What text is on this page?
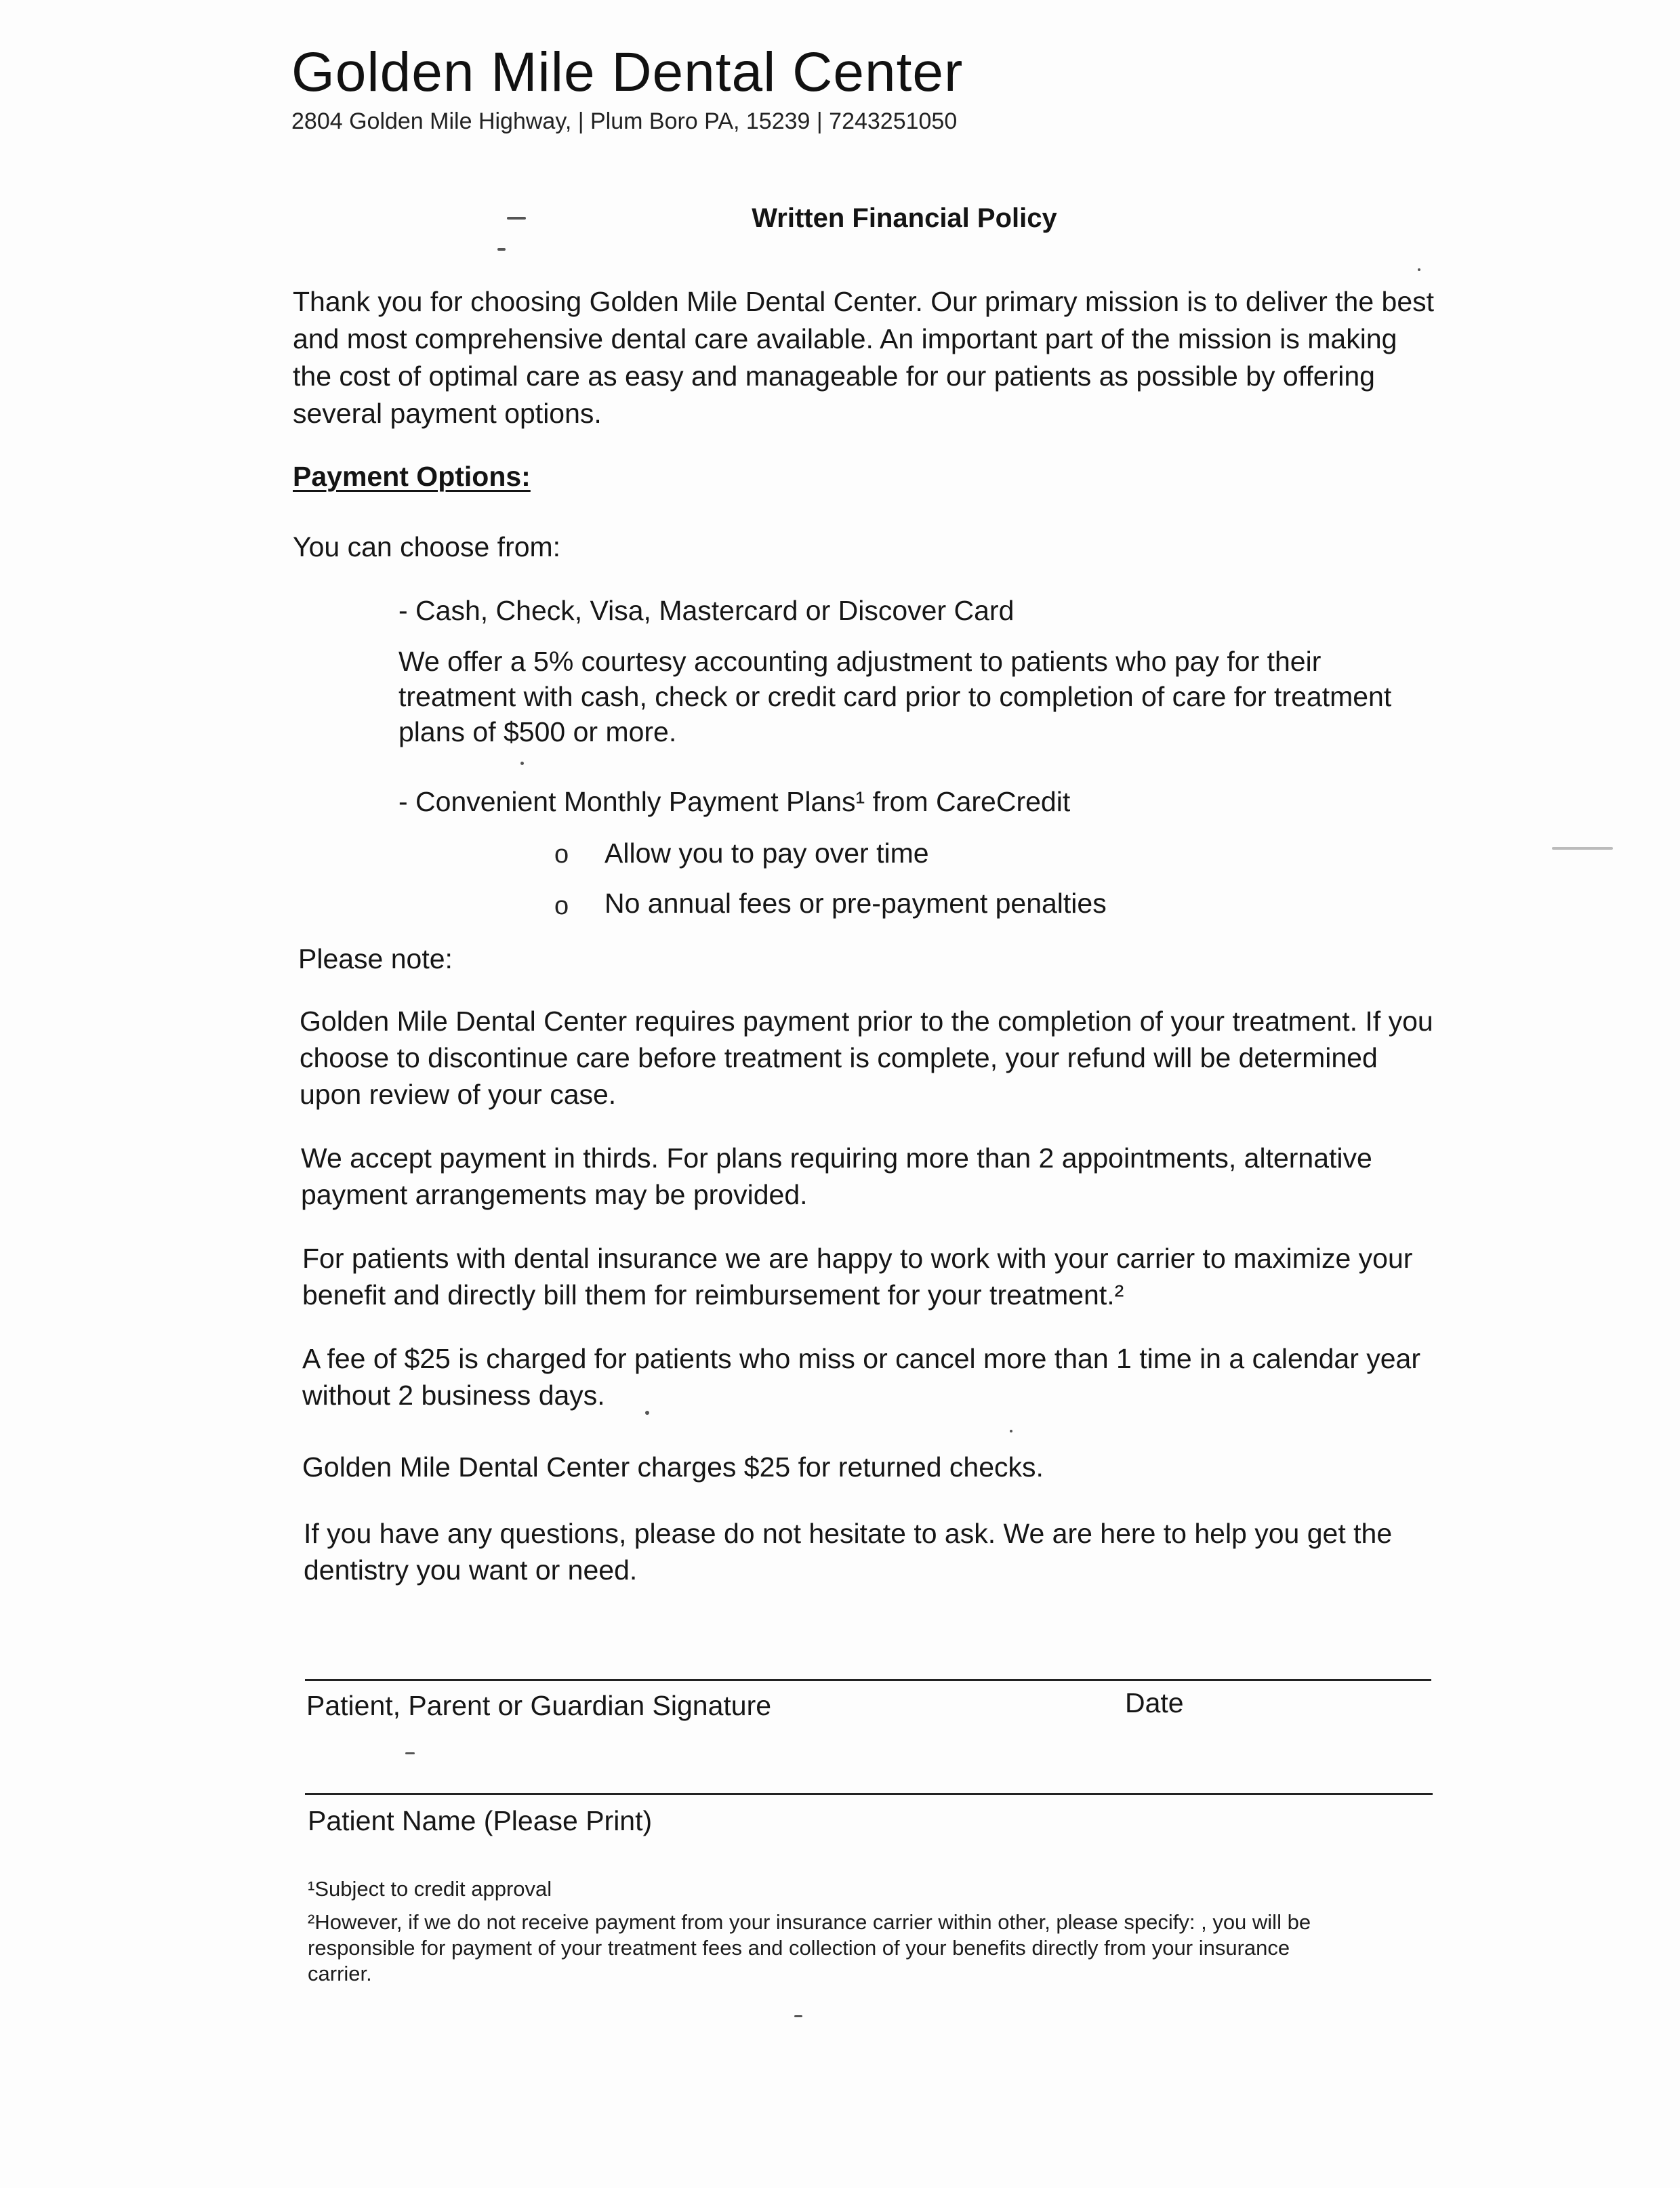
Golden Mile Dental Center
2804 Golden Mile Highway, | Plum Boro PA, 15239 | 7243251050
Written Financial Policy
Thank you for choosing Golden Mile Dental Center. Our primary mission is to deliver the best
and most comprehensive dental care available. An important part of the mission is making
the cost of optimal care as easy and manageable for our patients as possible by offering
several payment options.
Payment Options:
You can choose from:
- Cash, Check, Visa, Mastercard or Discover Card
We offer a 5% courtesy accounting adjustment to patients who pay for their
treatment with cash, check or credit card prior to completion of care for treatment
plans of $500 or more.
- Convenient Monthly Payment Plans¹ from CareCredit
o Allow you to pay over time
o No annual fees or pre-payment penalties
Please note:
Golden Mile Dental Center requires payment prior to the completion of your treatment. If you
choose to discontinue care before treatment is complete, your refund will be determined
upon review of your case.
We accept payment in thirds. For plans requiring more than 2 appointments, alternative
payment arrangements may be provided.
For patients with dental insurance we are happy to work with your carrier to maximize your
benefit and directly bill them for reimbursement for your treatment.²
A fee of $25 is charged for patients who miss or cancel more than 1 time in a calendar year
without 2 business days.
Golden Mile Dental Center charges $25 for returned checks.
If you have any questions, please do not hesitate to ask. We are here to help you get the
dentistry you want or need.
Patient, Parent or Guardian Signature	Date
Patient Name (Please Print)
¹Subject to credit approval
²However, if we do not receive payment from your insurance carrier within other, please specify: , you will be
responsible for payment of your treatment fees and collection of your benefits directly from your insurance
carrier.
